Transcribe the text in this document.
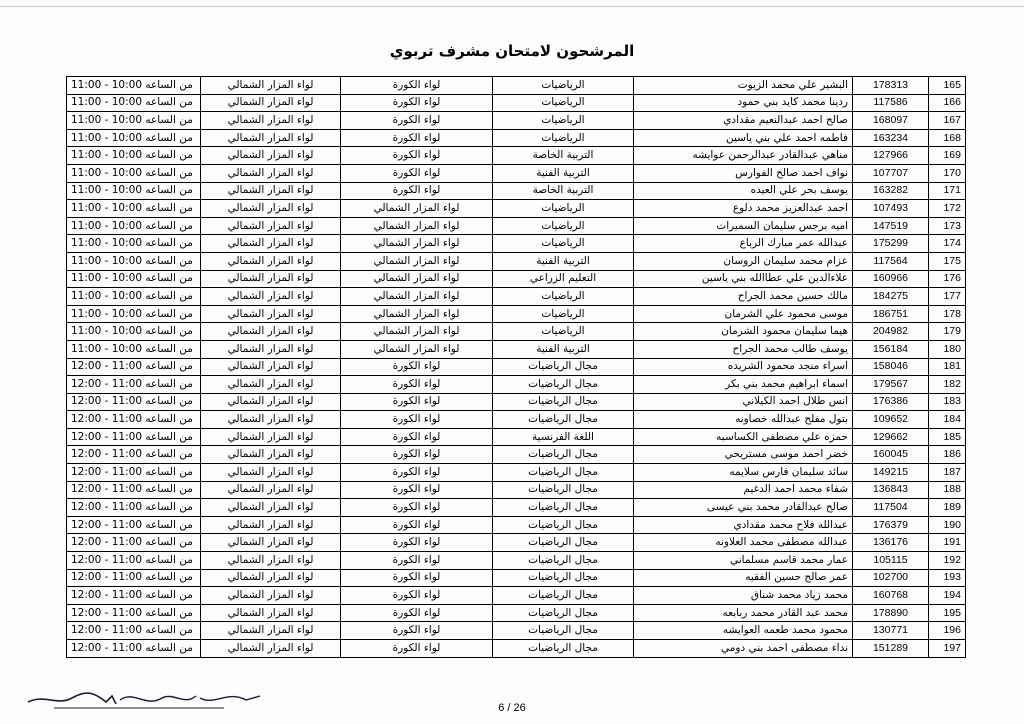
المرشحون لامتحان مشرف تربوي
165	178313	البشير علي محمد الزيوت	الرياضيات	لواء الكورة	لواء المزار الشمالي	من الساعه 10:00 - 11:00
166	117586	ردينا محمد كايد بني حمود	الرياضيات	لواء الكورة	لواء المزار الشمالي	من الساعه 10:00 - 11:00
167	168097	صالح احمد عبدالنعيم مقدادي	الرياضيات	لواء الكورة	لواء المزار الشمالي	من الساعه 10:00 - 11:00
168	163234	فاطمه احمد علي بني ياسين	الرياضيات	لواء الكورة	لواء المزار الشمالي	من الساعه 10:00 - 11:00
169	127966	مناهي عبدالقادر عبدالرحمن عوايشه	التربية الخاصة	لواء الكورة	لواء المزار الشمالي	من الساعه 10:00 - 11:00
170	107707	نواف احمد صالح الفوارس	التربية الفنية	لواء الكورة	لواء المزار الشمالي	من الساعه 10:00 - 11:00
171	163282	يوسف بحر علي العيده	التربية الخاصة	لواء الكورة	لواء المزار الشمالي	من الساعه 10:00 - 11:00
172	107493	احمد عبدالعزيز محمد دلوع	الرياضيات	لواء المزار الشمالي	لواء المزار الشمالي	من الساعه 10:00 - 11:00
173	147519	اميه برجس سليمان السميرات	الرياضيات	لواء المزار الشمالي	لواء المزار الشمالي	من الساعه 10:00 - 11:00
174	175299	عبدالله عمر مبارك الرباع	الرياضيات	لواء المزار الشمالي	لواء المزار الشمالي	من الساعه 10:00 - 11:00
175	117564	عزام محمد سليمان الروسان	التربية الفنية	لواء المزار الشمالي	لواء المزار الشمالي	من الساعه 10:00 - 11:00
176	160966	علاءالدين علي عطاالله بني ياسين	التعليم الزراعي	لواء المزار الشمالي	لواء المزار الشمالي	من الساعه 10:00 - 11:00
177	184275	مالك حسين محمد الجراح	الرياضيات	لواء المزار الشمالي	لواء المزار الشمالي	من الساعه 10:00 - 11:00
178	186751	موسى محمود علي الشرمان	الرياضيات	لواء المزار الشمالي	لواء المزار الشمالي	من الساعه 10:00 - 11:00
179	204982	هيما سليمان محمود الشرمان	الرياضيات	لواء المزار الشمالي	لواء المزار الشمالي	من الساعه 10:00 - 11:00
180	156184	يوسف طالب محمد الجراح	التربية الفنية	لواء المزار الشمالي	لواء المزار الشمالي	من الساعه 10:00 - 11:00
181	158046	اسراء منجد محمود الشريده	مجال الرياضيات	لواء الكورة	لواء المزار الشمالي	من الساعه 11:00 - 12:00
182	179567	اسماء ابراهيم محمد بني بكر	مجال الرياضيات	لواء الكورة	لواء المزار الشمالي	من الساعه 11:00 - 12:00
183	176386	انس طلال احمد الكيلاني	مجال الرياضيات	لواء الكورة	لواء المزار الشمالي	من الساعه 11:00 - 12:00
184	109652	بتول مفلح عبدالله خصاونه	مجال الرياضيات	لواء الكورة	لواء المزار الشمالي	من الساعه 11:00 - 12:00
185	129662	حمزه علي مصطفى الكساسبه	اللغة الفرنسية	لواء الكورة	لواء المزار الشمالي	من الساعه 11:00 - 12:00
186	160045	خضر احمد موسى مستريحي	مجال الرياضيات	لواء الكورة	لواء المزار الشمالي	من الساعه 11:00 - 12:00
187	149215	سائد سليمان فارس سلايمه	مجال الرياضيات	لواء الكورة	لواء المزار الشمالي	من الساعه 11:00 - 12:00
188	136843	شفاء محمد احمد الدغيم	مجال الرياضيات	لواء الكورة	لواء المزار الشمالي	من الساعه 11:00 - 12:00
189	117504	صالح عبدالقادر محمد بني عيسى	مجال الرياضيات	لواء الكورة	لواء المزار الشمالي	من الساعه 11:00 - 12:00
190	176379	عبدالله فلاح محمد مقدادي	مجال الرياضيات	لواء الكورة	لواء المزار الشمالي	من الساعه 11:00 - 12:00
191	136176	عبدالله مصطفى محمد العلاونه	مجال الرياضيات	لواء الكورة	لواء المزار الشمالي	من الساعه 11:00 - 12:00
192	105115	عمار محمد قاسم مسلماني	مجال الرياضيات	لواء الكورة	لواء المزار الشمالي	من الساعه 11:00 - 12:00
193	102700	عمر صالح حسين الفقيه	مجال الرياضيات	لواء الكورة	لواء المزار الشمالي	من الساعه 11:00 - 12:00
194	160768	محمد زياد محمد شناق	مجال الرياضيات	لواء الكورة	لواء المزار الشمالي	من الساعه 11:00 - 12:00
195	178890	محمد عبد القادر محمد ربابعه	مجال الرياضيات	لواء الكورة	لواء المزار الشمالي	من الساعه 11:00 - 12:00
196	130771	محمود محمد طعمه العوايشه	مجال الرياضيات	لواء الكورة	لواء المزار الشمالي	من الساعه 11:00 - 12:00
197	151289	نداء مصطفى احمد بني دومي	مجال الرياضيات	لواء الكورة	لواء المزار الشمالي	من الساعه 11:00 - 12:00
6 / 26
